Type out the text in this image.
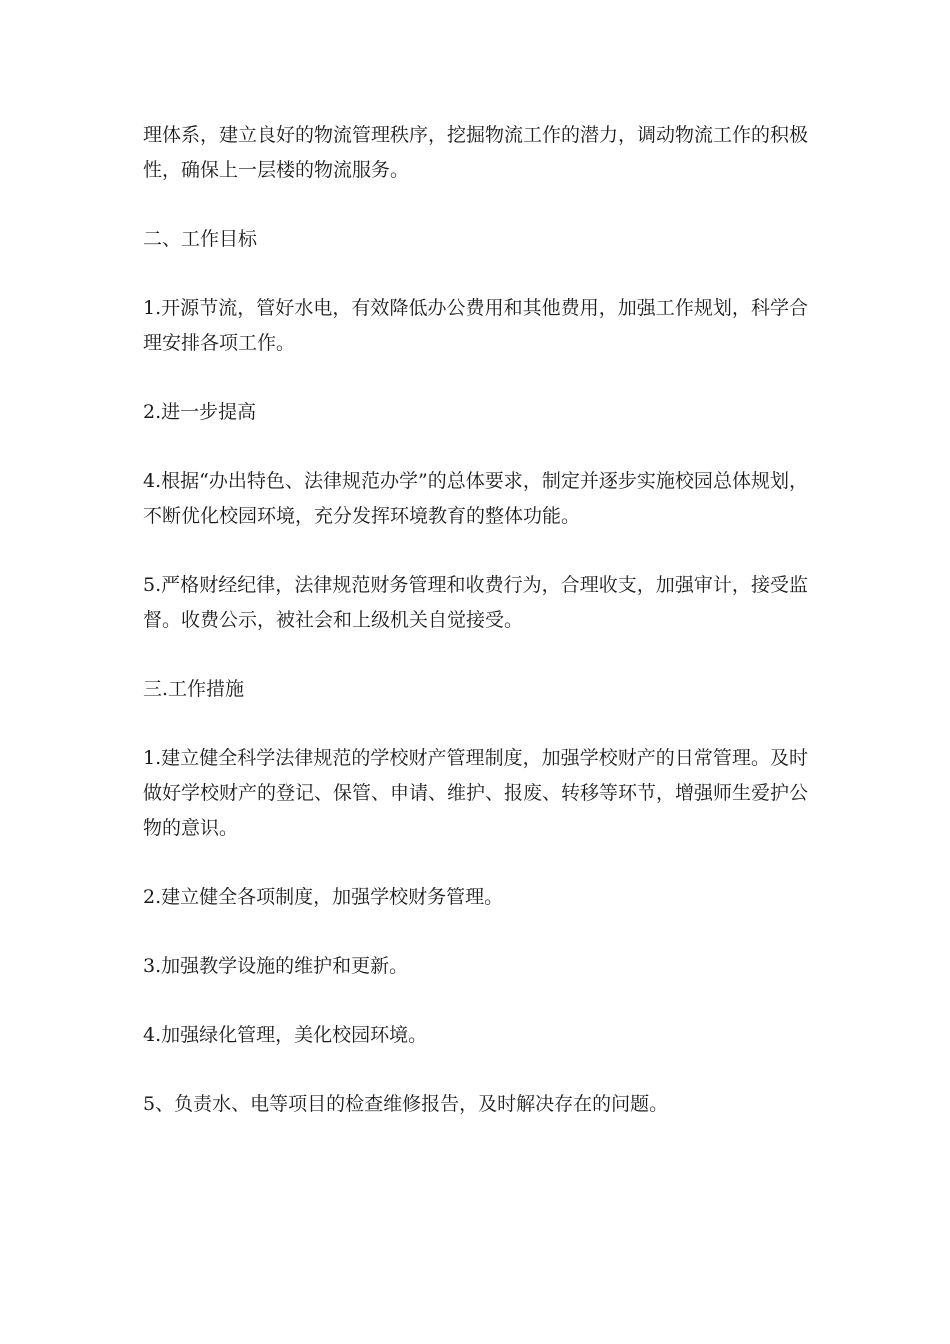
理体系，建立良好的物流管理秩序，挖掘物流工作的潜力，调动物流工作的积极性，确保上一层楼的物流服务。

二、工作目标

1.开源节流，管好水电，有效降低办公费用和其他费用，加强工作规划，科学合理安排各项工作。

2.进一步提高

4.根据“办出特色、法律规范办学”的总体要求，制定并逐步实施校园总体规划，不断优化校园环境，充分发挥环境教育的整体功能。

5.严格财经纪律，法律规范财务管理和收费行为，合理收支，加强审计，接受监督。收费公示，被社会和上级机关自觉接受。

三.工作措施

1.建立健全科学法律规范的学校财产管理制度，加强学校财产的日常管理。及时做好学校财产的登记、保管、申请、维护、报废、转移等环节，增强师生爱护公物的意识。

2.建立健全各项制度，加强学校财务管理。

3.加强教学设施的维护和更新。

4.加强绿化管理，美化校园环境。

5、负责水、电等项目的检查维修报告，及时解决存在的问题。
